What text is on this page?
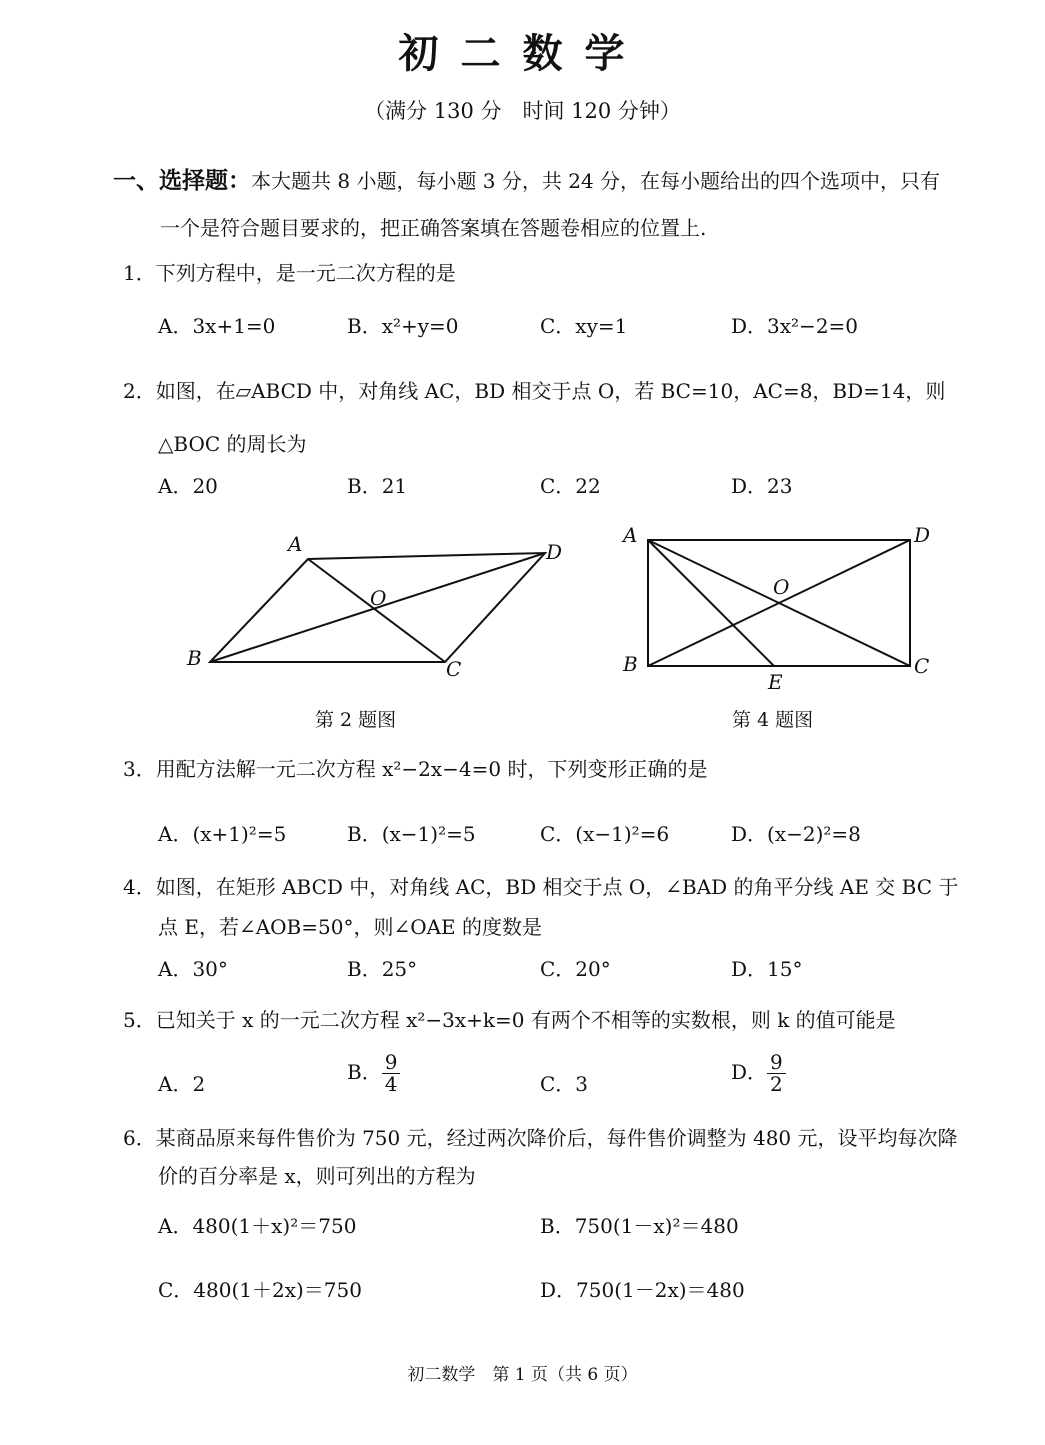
初二数学
（满分 130 分　时间 120 分钟）
一、选择题：本大题共 8 小题，每小题 3 分，共 24 分，在每小题给出的四个选项中，只有
一个是符合题目要求的，把正确答案填在答题卷相应的位置上.
1．下列方程中，是一元二次方程的是
A．3x+1=0	B．x²+y=0	C．xy=1	D．3x²−2=0
2．如图，在▱ABCD 中，对角线 AC，BD 相交于点 O，若 BC=10，AC=8，BD=14，则
△BOC 的周长为
A．20	B．21	C．22	D．23
A	D
O
B	C
第 2 题图
A	D
O
B	C
E
第 4 题图
3．用配方法解一元二次方程 x²−2x−4=0 时，下列变形正确的是
A．(x+1)²=5	B．(x−1)²=5	C．(x−1)²=6	D．(x−2)²=8
4．如图，在矩形 ABCD 中，对角线 AC，BD 相交于点 O，∠BAD 的角平分线 AE 交 BC 于
点 E，若∠AOB=50°，则∠OAE 的度数是
A．30°	B．25°	C．20°	D．15°
5．已知关于 x 的一元二次方程 x²−3x+k=0 有两个不相等的实数根，则 k 的值可能是
A．2	B． $\frac{9}{4}$	C．3	D． $\frac{9}{2}$
6．某商品原来每件售价为 750 元，经过两次降价后，每件售价调整为 480 元，设平均每次降
价的百分率是 x，则可列出的方程为
A．480(1＋x)²＝750	B．750(1－x)²＝480
C．480(1＋2x)＝750	D．750(1－2x)＝480
初二数学　第 1 页（共 6 页）
